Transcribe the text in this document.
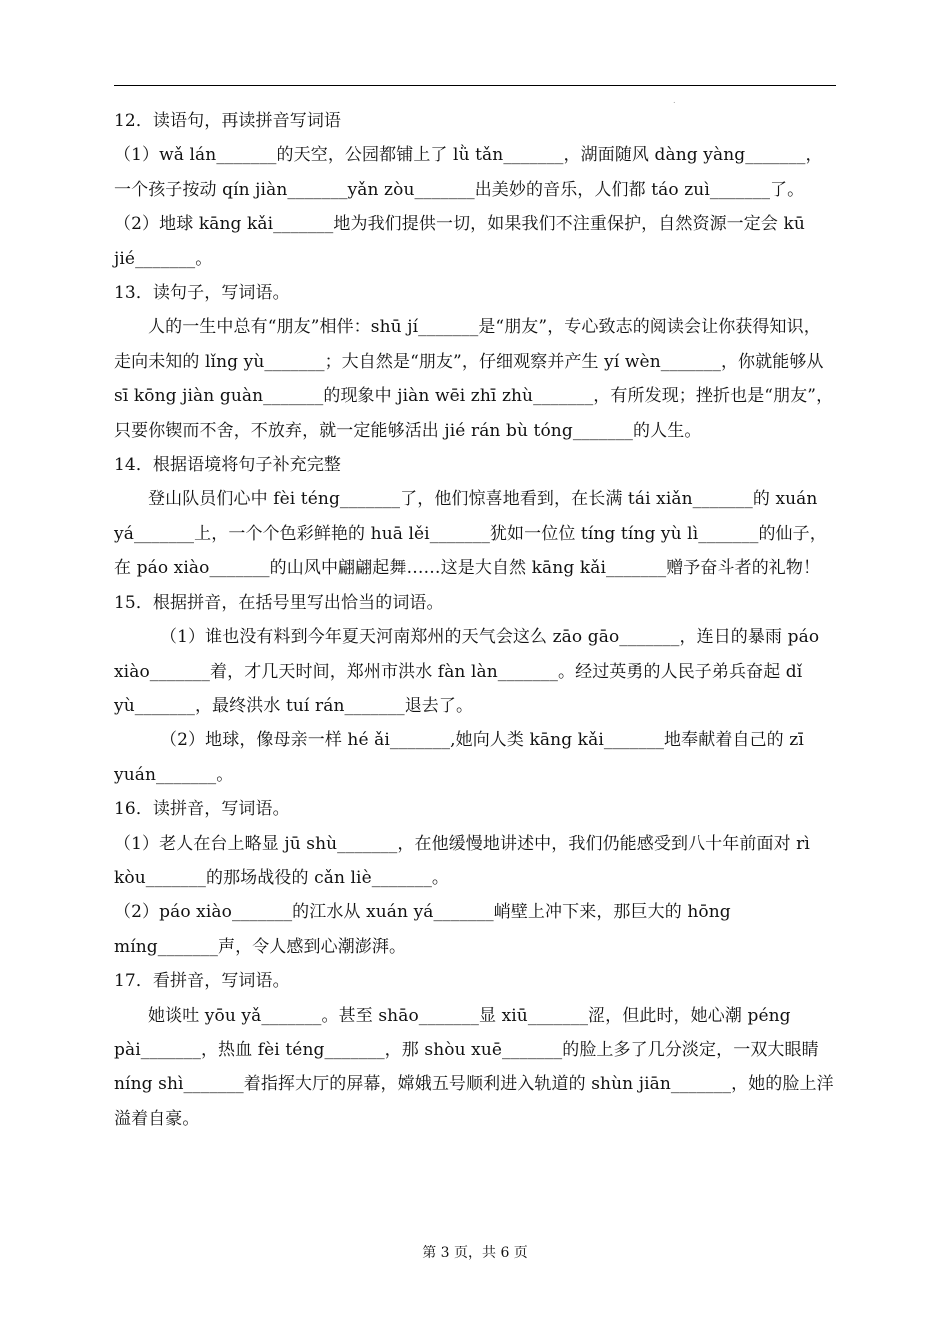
.

12．读语句，再读拼音写词语

（1）wǎ lán_______的天空，公园都铺上了 lǜ tǎn_______，湖面随风 dàng yàng_______，一个孩子按动 qín jiàn_______yǎn zòu_______出美妙的音乐，人们都 táo zuì_______了。

（2）地球 kāng kǎi_______地为我们提供一切，如果我们不注重保护，自然资源一定会 kū jié_______。

13．读句子，写词语。

人的一生中总有“朋友”相伴：shū jí_______是“朋友”，专心致志的阅读会让你获得知识，走向未知的 lǐng yù_______；大自然是“朋友”，仔细观察并产生 yí wèn_______，你就能够从 sī kōng jiàn guàn_______的现象中 jiàn wēi zhī zhù_______，有所发现；挫折也是“朋友”，只要你锲而不舍，不放弃，就一定能够活出 jié rán bù tóng_______的人生。

14．根据语境将句子补充完整

登山队员们心中 fèi téng_______了，他们惊喜地看到，在长满 tái xiǎn_______的 xuán yá_______上，一个个色彩鲜艳的 huā lěi_______犹如一位位 tíng tíng yù lì_______的仙子，在 páo xiào_______的山风中翩翩起舞……这是大自然 kāng kǎi_______赠予奋斗者的礼物！

15．根据拼音，在括号里写出恰当的词语。

（1）谁也没有料到今年夏天河南郑州的天气会这么 zāo gāo_______，连日的暴雨 páo xiào_______着，才几天时间，郑州市洪水 fàn làn_______。经过英勇的人民子弟兵奋起 dǐ yù_______，最终洪水 tuí rán_______退去了。

（2）地球，像母亲一样 hé ǎi_______,她向人类 kāng kǎi_______地奉献着自己的 zī yuán_______。

16．读拼音，写词语。

（1）老人在台上略显 jū shù_______，在他缓慢地讲述中，我们仍能感受到八十年前面对 rì kòu_______的那场战役的 cǎn liè_______。

（2）páo xiào_______的江水从 xuán yá_______峭壁上冲下来，那巨大的 hōng míng_______声，令人感到心潮澎湃。

17．看拼音，写词语。

她谈吐 yōu yǎ_______。甚至 shāo_______显 xiū_______涩，但此时，她心潮 péng pài_______，热血 fèi téng_______，那 shòu xuē_______的脸上多了几分淡定，一双大眼睛 níng shì_______着指挥大厅的屏幕，嫦娥五号顺利进入轨道的 shùn jiān_______，她的脸上洋溢着自豪。

第 3 页，共 6 页
